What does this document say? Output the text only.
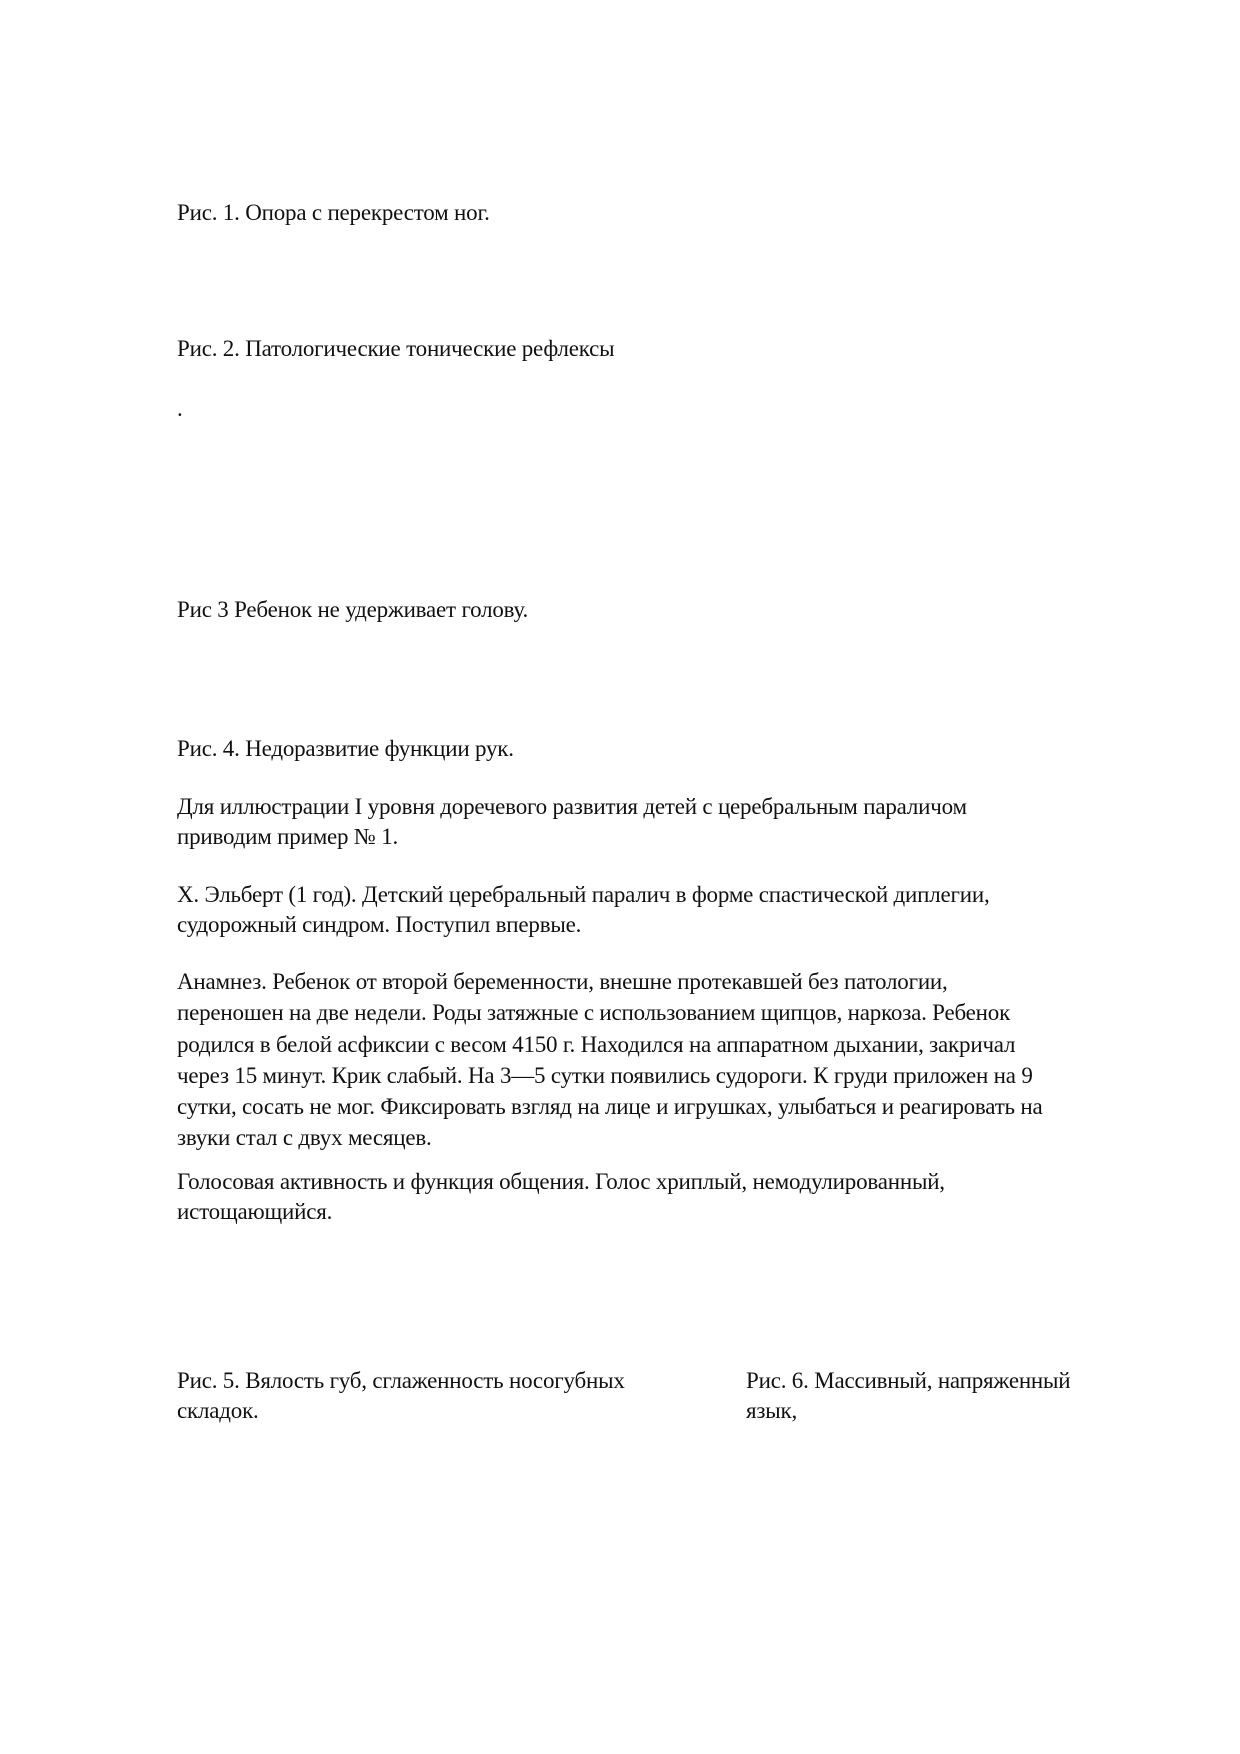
Рис. 1. Опора с перекрестом ног.
Рис. 2. Патологические тонические рефлексы
.
Рис 3 Ребенок не удерживает голову.
Рис. 4. Недоразвитие функции рук.
Для иллюстрации I уровня доречевого развития детей с церебральным параличом
приводим пример № 1.
Х. Эльберт (1 год). Детский церебральный паралич в форме спастической диплегии,
судорожный синдром. Поступил впервые.
Анамнез. Ребенок от второй беременности, внешне протекавшей без патологии,
переношен на две недели. Роды затяжные с использованием щипцов, наркоза. Ребенок
родился в белой асфиксии с весом 4150 г. Находился на аппаратном дыхании, закричал
через 15 минут. Крик слабый. На 3—5 сутки появились судороги. К груди приложен на 9
сутки, сосать не мог. Фиксировать взгляд на лице и игрушках, улыбаться и реагировать на
звуки стал с двух месяцев.
Голосовая активность и функция общения. Голос хриплый, немодулированный,
истощающийся.
Рис. 5. Вялость губ, сглаженность носогубных
складок.
Рис. 6. Массивный, напряженный
язык,
